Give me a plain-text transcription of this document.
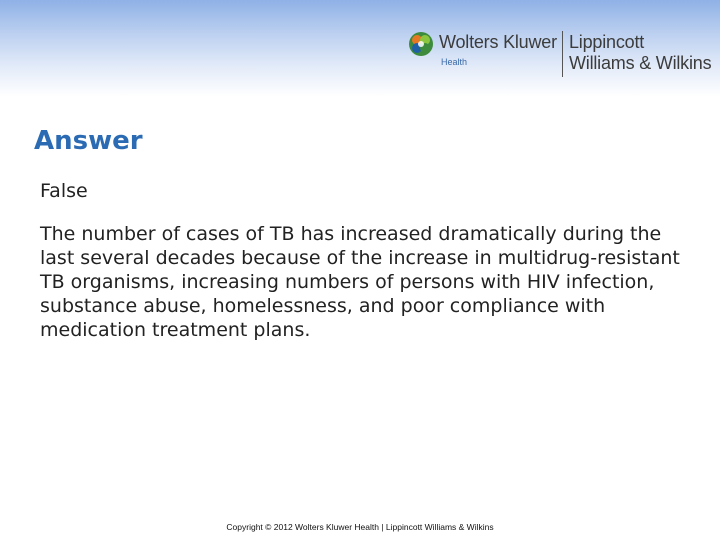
Wolters Kluwer
Health
Lippincott
Williams & Wilkins
Answer

False

The number of cases of TB has increased dramatically during the last several decades because of the increase in multidrug-resistant TB organisms, increasing numbers of persons with HIV infection, substance abuse, homelessness, and poor compliance with medication treatment plans.

Copyright © 2012 Wolters Kluwer Health | Lippincott Williams & Wilkins
